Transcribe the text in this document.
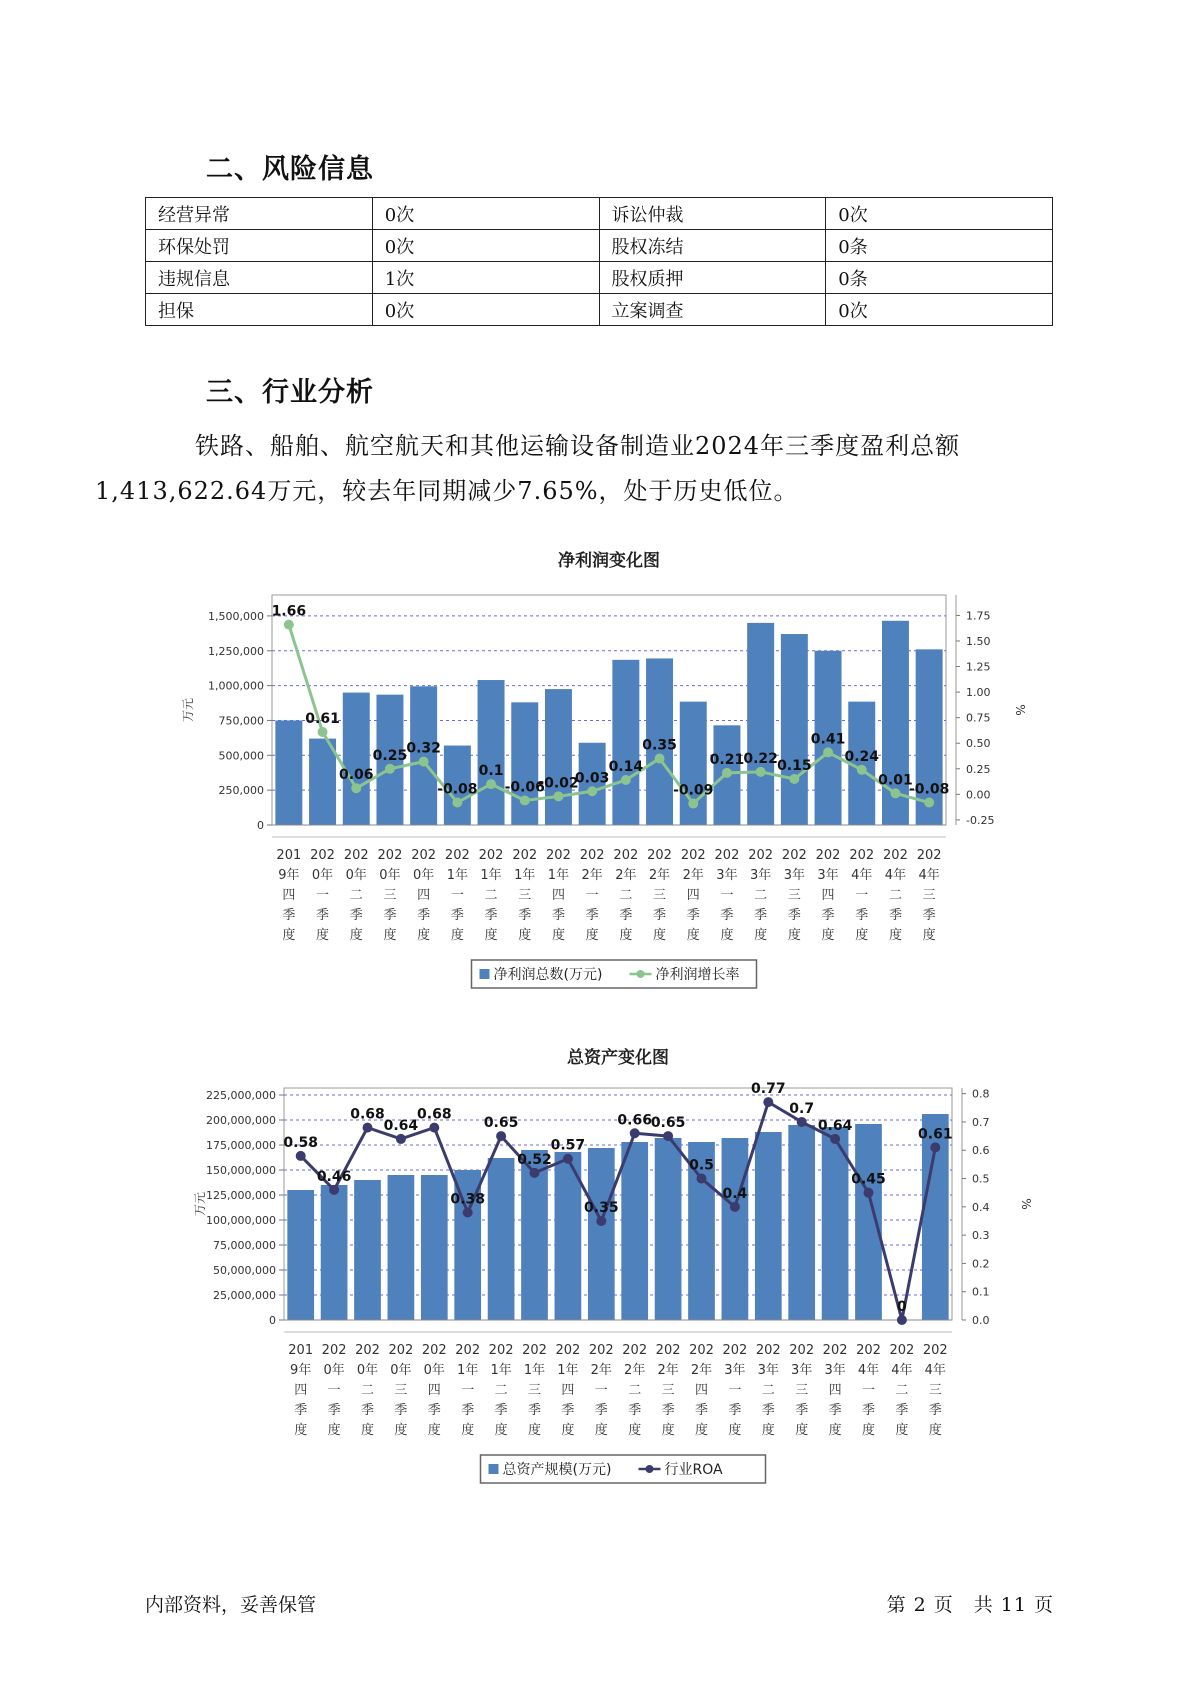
二、风险信息
经营异常	0次	诉讼仲裁	0次
环保处罚	0次	股权冻结	0条
违规信息	1次	股权质押	0条
担保	0次	立案调查	0次
三、行业分析
铁路、船舶、航空航天和其他运输设备制造业2024年三季度盈利总额
1,413,622.64万元，较去年同期减少7.65%，处于历史低位。
净利润变化图
0
250,000
500,000
750,000
1,000,000
1,250,000
1,500,000
万元
-0.25
0.00
0.25
0.50
0.75
1.00
1.25
1.50
1.75
%
201
9年
四
季
度
202
0年
一
季
度
202
0年
二
季
度
202
0年
三
季
度
202
0年
四
季
度
202
1年
一
季
度
202
1年
二
季
度
202
1年
三
季
度
202
1年
四
季
度
202
2年
一
季
度
202
2年
二
季
度
202
2年
三
季
度
202
2年
四
季
度
202
3年
一
季
度
202
3年
二
季
度
202
3年
三
季
度
202
3年
四
季
度
202
4年
一
季
度
202
4年
二
季
度
202
4年
三
季
度
1.66
0.61
0.06
0.25 0.32
-0.08
0.1
-0.06
-0.02
0.03
0.14
0.35
-0.09
0.21 0.22 0.15
0.41
0.24
0.01
-0.08
净利润总数(万元)	净利润增长率
总资产变化图
0
25,000,000
50,000,000
75,000,000
100,000,000
125,000,000
150,000,000
175,000,000
200,000,000
225,000,000
万元
0.0
0.1
0.2
0.3
0.4
0.5
0.6
0.7
0.8
%
201
9年
四
季
度
202
0年
一
季
度
202
0年
二
季
度
202
0年
三
季
度
202
0年
四
季
度
202
1年
一
季
度
202
1年
二
季
度
202
1年
三
季
度
202
1年
四
季
度
202
2年
一
季
度
202
2年
二
季
度
202
2年
三
季
度
202
2年
四
季
度
202
3年
一
季
度
202
3年
二
季
度
202
3年
三
季
度
202
3年
四
季
度
202
4年
一
季
度
202
4年
二
季
度
202
4年
三
季
度
0.58
0.46
0.68
0.64
0.68
0.38
0.65
0.52
0.57
0.35
0.66
0.65
0.5
0.4
0.77
0.7
0.64
0.45
0
0.61
总资产规模(万元)	行业ROA
内部资料，妥善保管	第 2 页　共 11 页
